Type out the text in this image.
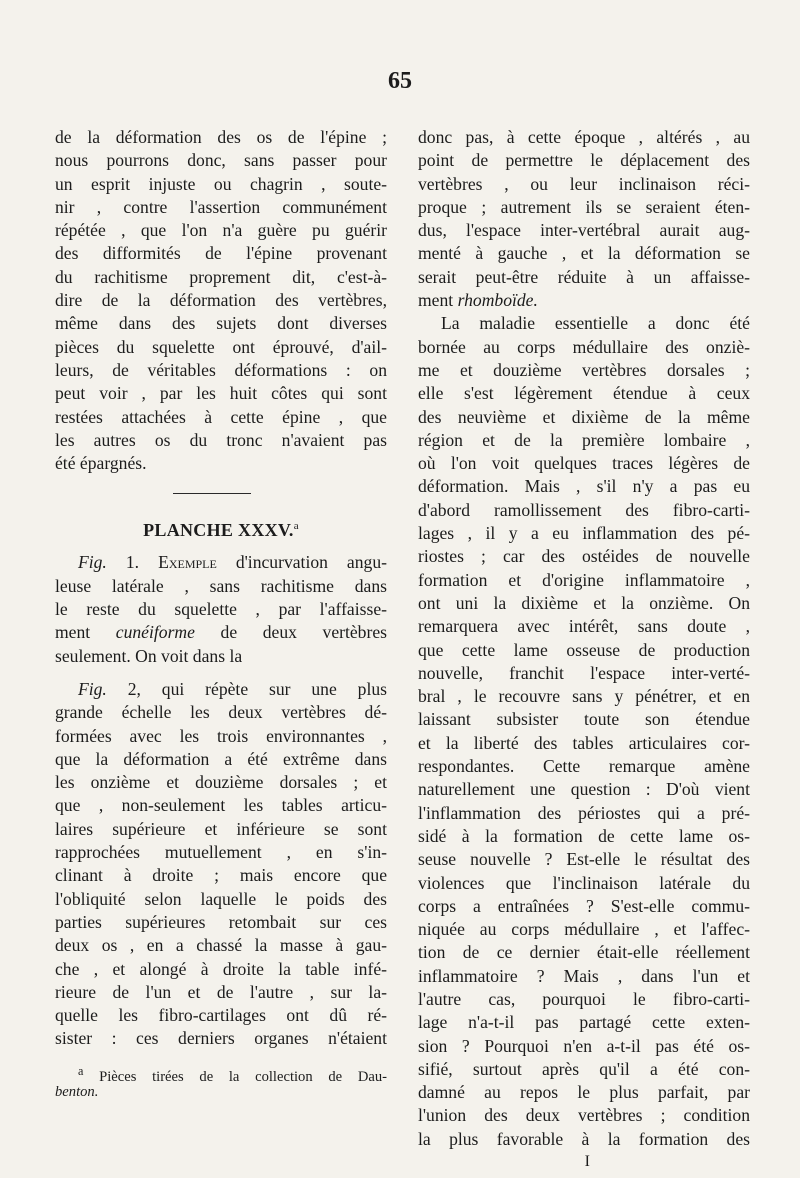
65
de la déformation des os de l'épine ;
nous pourrons donc, sans passer pour
un esprit injuste ou chagrin , soute-
nir , contre l'assertion communément
répétée , que l'on n'a guère pu guérir
des difformités de l'épine provenant
du rachitisme proprement dit, c'est-à-
dire de la déformation des vertèbres,
même dans des sujets dont diverses
pièces du squelette ont éprouvé, d'ail-
leurs, de véritables déformations : on
peut voir , par les huit côtes qui sont
restées attachées à cette épine , que
les autres os du tronc n'avaient pas
été épargnés.
PLANCHE XXXV.$^a$
Fig. 1. Exemple d'incurvation angu-
leuse latérale , sans rachitisme dans
le reste du squelette , par l'affaisse-
ment cunéiforme de deux vertèbres
seulement. On voit dans la
Fig. 2, qui répète sur une plus
grande échelle les deux vertèbres dé-
formées avec les trois environnantes ,
que la déformation a été extrême dans
les onzième et douzième dorsales ; et
que , non-seulement les tables articu-
laires supérieure et inférieure se sont
rapprochées mutuellement , en s'in-
clinant à droite ; mais encore que
l'obliquité selon laquelle le poids des
parties supérieures retombait sur ces
deux os , en a chassé la masse à gau-
che , et alongé à droite la table infé-
rieure de l'un et de l'autre , sur la-
quelle les fibro-cartilages ont dû ré-
sister : ces derniers organes n'étaient
$^a$ Pièces tirées de la collection de Dau-
benton.
donc pas, à cette époque , altérés , au
point de permettre le déplacement des
vertèbres , ou leur inclinaison réci-
proque ; autrement ils se seraient éten-
dus, l'espace inter-vertébral aurait aug-
menté à gauche , et la déformation se
serait peut-être réduite à un affaisse-
ment rhomboïde.
La maladie essentielle a donc été
bornée au corps médullaire des onziè-
me et douzième vertèbres dorsales ;
elle s'est légèrement étendue à ceux
des neuvième et dixième de la même
région et de la première lombaire ,
où l'on voit quelques traces légères de
déformation. Mais , s'il n'y a pas eu
d'abord ramollissement des fibro-carti-
lages , il y a eu inflammation des pé-
riostes ; car des ostéides de nouvelle
formation et d'origine inflammatoire ,
ont uni la dixième et la onzième. On
remarquera avec intérêt, sans doute ,
que cette lame osseuse de production
nouvelle, franchit l'espace inter-verté-
bral , le recouvre sans y pénétrer, et en
laissant subsister toute son étendue
et la liberté des tables articulaires cor-
respondantes. Cette remarque amène
naturellement une question : D'où vient
l'inflammation des périostes qui a pré-
sidé à la formation de cette lame os-
seuse nouvelle ? Est-elle le résultat des
violences que l'inclinaison latérale du
corps a entraînées ? S'est-elle commu-
niquée au corps médullaire , et l'affec-
tion de ce dernier était-elle réellement
inflammatoire ? Mais , dans l'un et
l'autre cas, pourquoi le fibro-carti-
lage n'a-t-il pas partagé cette exten-
sion ? Pourquoi n'en a-t-il pas été os-
sifié, surtout après qu'il a été con-
damné au repos le plus parfait, par
l'union des deux vertèbres ; condition
la plus favorable à la formation des
I
